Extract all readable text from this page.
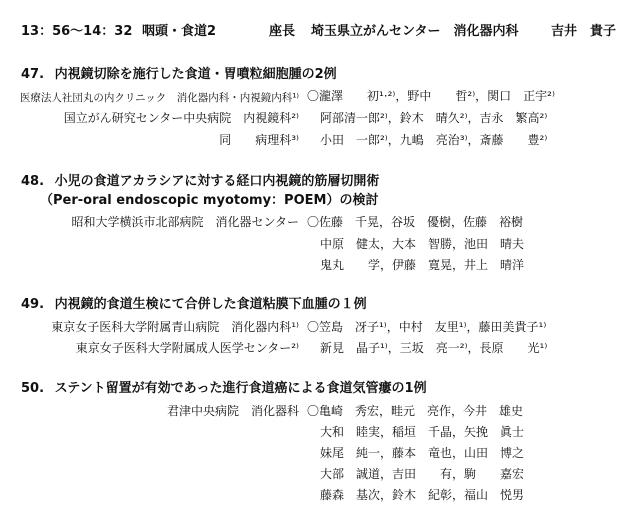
13：56〜14：32 咽頭・食道2	座長 埼玉県立がんセンター　消化器内科	吉井　貴子
47. 内視鏡切除を施行した食道・胃噴粒細胞腫の2例
医療法人社団丸の内クリニック　消化器内科・内視鏡内科¹⁾ 〇瀧澤　　初¹⋅²⁾，野中　　哲²⁾，関口　正宇²⁾
国立がん研究センター中央病院　内視鏡科²⁾ 阿部清一郎²⁾，鈴木　晴久²⁾，吉永　繁高²⁾
同　　病理科³⁾ 小田　一郎²⁾，九嶋　亮治³⁾，斎藤　　豊²⁾
48. 小児の食道アカラシアに対する経口内視鏡的筋層切開術
（Per-oral endoscopic myotomy：POEM）の検討
昭和大学横浜市北部病院　消化器センター 〇佐藤　千晃，谷坂　優樹，佐藤　裕樹
中原　健太，大本　智勝，池田　晴夫
鬼丸　　学，伊藤　寛晃，井上　晴洋
49. 内視鏡的食道生検にて合併した食道粘膜下血腫の１例
東京女子医科大学附属青山病院　消化器内科¹⁾ 〇笠島　冴子¹⁾，中村　友里¹⁾，藤田美貴子¹⁾
東京女子医科大学附属成人医学センター²⁾ 新見　晶子¹⁾，三坂　亮一²⁾，長原　　光¹⁾
50. ステント留置が有効であった進行食道癌による食道気管瘻の1例
君津中央病院　消化器科 〇亀崎　秀宏，畦元　亮作，今井　雄史
大和　睦実，稲垣　千晶，矢挽　眞士
妹尾　純一，藤本　竜也，山田　博之
大部　誠道，吉田　　有，駒　　嘉宏
藤森　基次，鈴木　紀彰，福山　悦男
